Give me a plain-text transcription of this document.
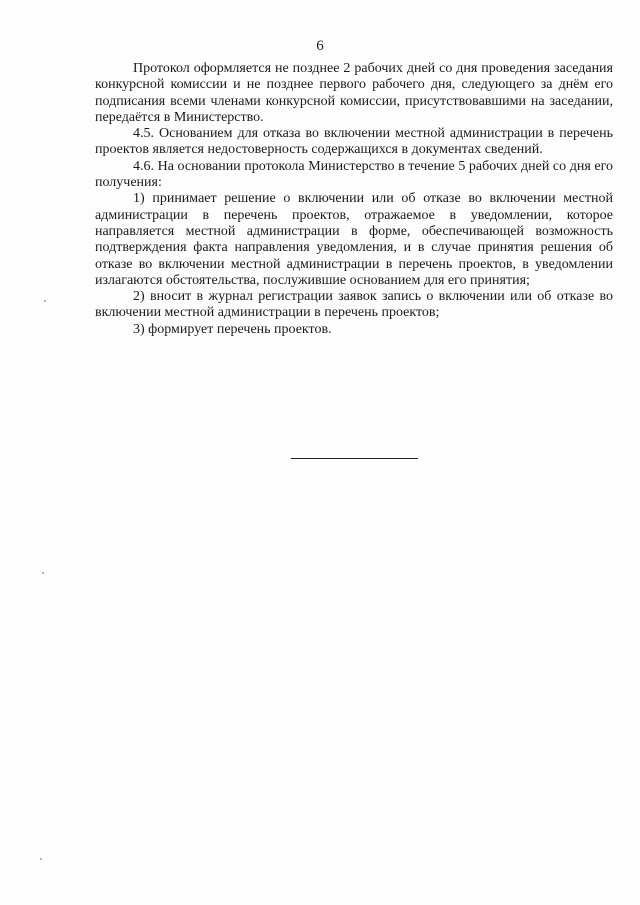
6

Протокол оформляется не позднее 2 рабочих дней со дня проведения заседания конкурсной комиссии и не позднее первого рабочего дня, следующего за днём его подписания всеми членами конкурсной комиссии, присутствовавшими на заседании, передаётся в Министерство.

4.5. Основанием для отказа во включении местной администрации в перечень проектов является недостоверность содержащихся в документах сведений.

4.6. На основании протокола Министерство в течение 5 рабочих дней со дня его получения:

1) принимает решение о включении или об отказе во включении местной администрации в перечень проектов, отражаемое в уведомлении, которое направляется местной администрации в форме, обеспечивающей возможность подтверждения факта направления уведомления, и в случае принятия решения об отказе во включении местной администрации в перечень проектов, в уведомлении излагаются обстоятельства, послужившие основанием для его принятия;

2) вносит в журнал регистрации заявок запись о включении или об отказе во включении местной администрации в перечень проектов;

3) формирует перечень проектов.
